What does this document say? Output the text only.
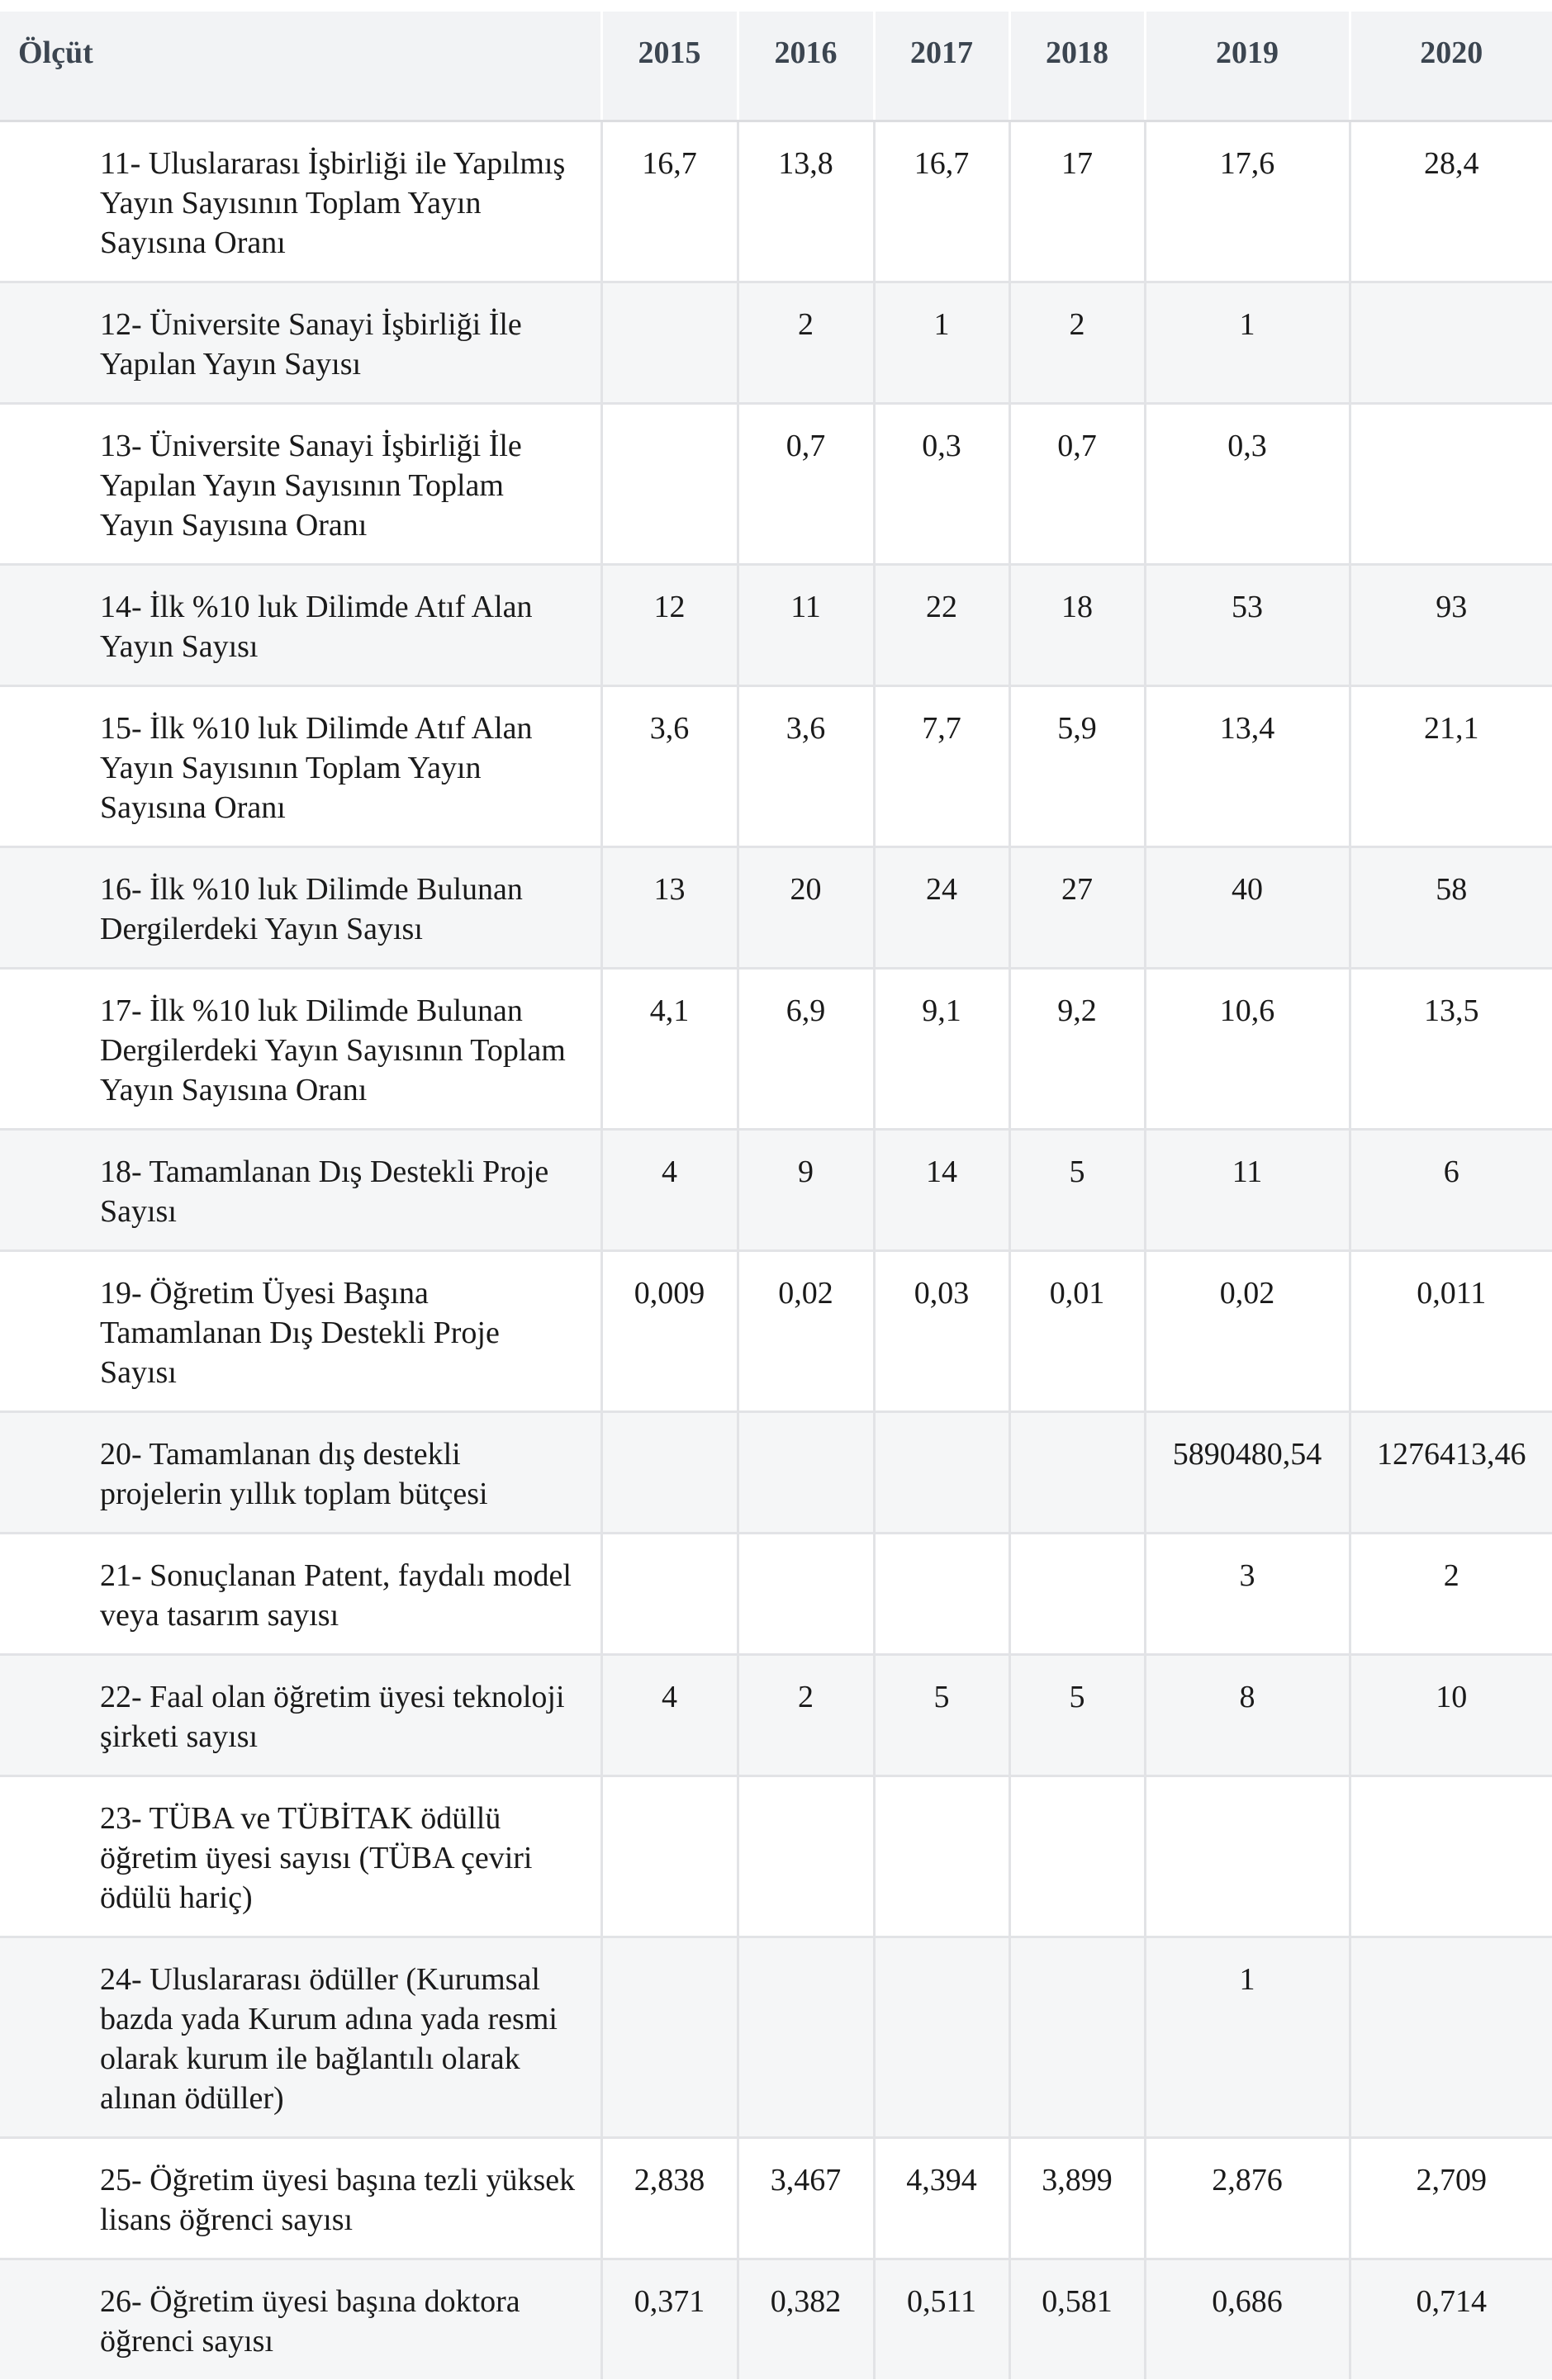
Ölçüt	2015	2016	2017	2018	2019	2020
11- Uluslararası İşbirliği ile Yapılmış Yayın Sayısının Toplam Yayın Sayısına Oranı	16,7	13,8	16,7	17	17,6	28,4
12- Üniversite Sanayi İşbirliği İle Yapılan Yayın Sayısı		2	1	2	1	
13- Üniversite Sanayi İşbirliği İle Yapılan Yayın Sayısının Toplam Yayın Sayısına Oranı		0,7	0,3	0,7	0,3	
14- İlk %10 luk Dilimde Atıf Alan Yayın Sayısı	12	11	22	18	53	93
15- İlk %10 luk Dilimde Atıf Alan Yayın Sayısının Toplam Yayın Sayısına Oranı	3,6	3,6	7,7	5,9	13,4	21,1
16- İlk %10 luk Dilimde Bulunan Dergilerdeki Yayın Sayısı	13	20	24	27	40	58
17- İlk %10 luk Dilimde Bulunan Dergilerdeki Yayın Sayısının Toplam Yayın Sayısına Oranı	4,1	6,9	9,1	9,2	10,6	13,5
18- Tamamlanan Dış Destekli Proje Sayısı	4	9	14	5	11	6
19- Öğretim Üyesi Başına Tamamlanan Dış Destekli Proje Sayısı	0,009	0,02	0,03	0,01	0,02	0,011
20- Tamamlanan dış destekli projelerin yıllık toplam bütçesi					5890480,54	1276413,46
21- Sonuçlanan Patent, faydalı model veya tasarım sayısı					3	2
22- Faal olan öğretim üyesi teknoloji şirketi sayısı	4	2	5	5	8	10
23- TÜBA ve TÜBİTAK ödüllü öğretim üyesi sayısı (TÜBA çeviri ödülü hariç)						
24- Uluslararası ödüller (Kurumsal bazda yada Kurum adına yada resmi olarak kurum ile bağlantılı olarak alınan ödüller)					1	
25- Öğretim üyesi başına tezli yüksek lisans öğrenci sayısı	2,838	3,467	4,394	3,899	2,876	2,709
26- Öğretim üyesi başına doktora öğrenci sayısı	0,371	0,382	0,511	0,581	0,686	0,714
